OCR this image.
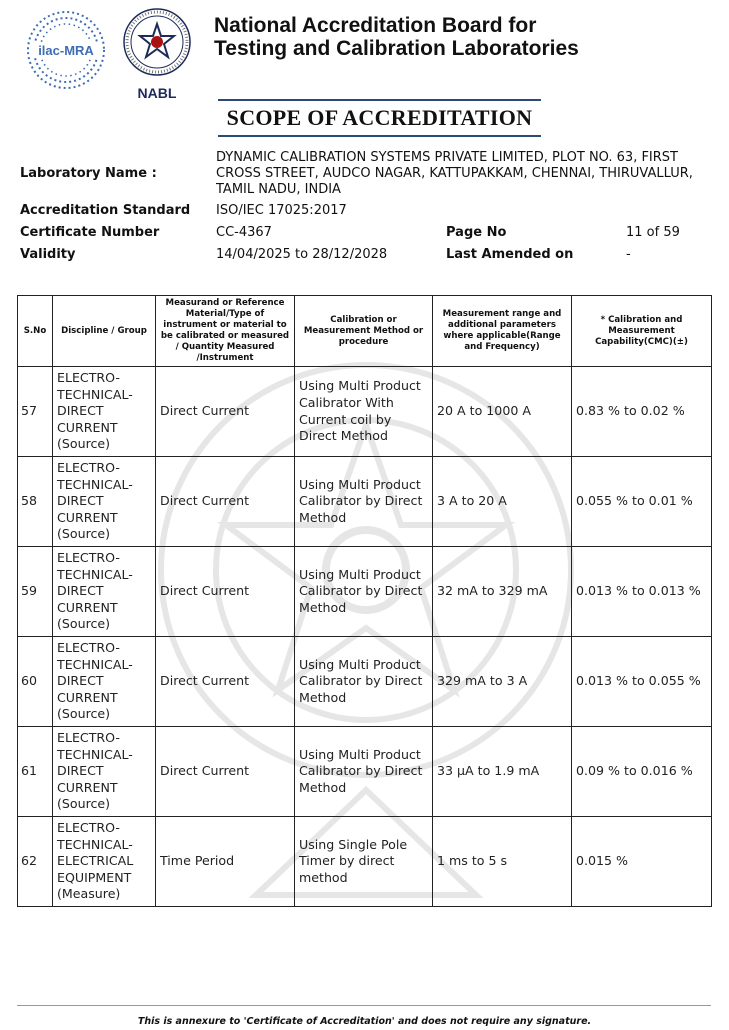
ilac-MRA
NABL
National Accreditation Board for
Testing and Calibration Laboratories
SCOPE OF ACCREDITATION
Laboratory Name :
DYNAMIC CALIBRATION SYSTEMS PRIVATE LIMITED, PLOT NO. 63, FIRST CROSS STREET, AUDCO NAGAR, KATTUPAKKAM, CHENNAI, THIRUVALLUR, TAMIL NADU, INDIA
Accreditation Standard ISO/IEC 17025:2017
Certificate Number	CC-4367	Page No	11 of 59
Validity	14/04/2025 to 28/12/2028	Last Amended on	-
S.No	Discipline / Group	Measurand or Reference Material/Type of instrument or material to be calibrated or measured / Quantity Measured /Instrument	Calibration or Measurement Method or procedure	Measurement range and additional parameters where applicable(Range and Frequency)	* Calibration and Measurement Capability(CMC)(±)
57	ELECTRO-TECHNICAL-DIRECT CURRENT (Source)	Direct Current	Using Multi Product Calibrator With Current coil by Direct Method	20 A to 1000 A	0.83 % to 0.02 %
58	ELECTRO-TECHNICAL-DIRECT CURRENT (Source)	Direct Current	Using Multi Product Calibrator by Direct Method	3 A to 20 A	0.055 % to 0.01 %
59	ELECTRO-TECHNICAL-DIRECT CURRENT (Source)	Direct Current	Using Multi Product Calibrator by Direct Method	32 mA to 329 mA	0.013 % to 0.013 %
60	ELECTRO-TECHNICAL-DIRECT CURRENT (Source)	Direct Current	Using Multi Product Calibrator by Direct Method	329 mA to 3 A	0.013 % to 0.055 %
61	ELECTRO-TECHNICAL-DIRECT CURRENT (Source)	Direct Current	Using Multi Product Calibrator by Direct Method	33 µA to 1.9 mA	0.09 % to 0.016 %
62	ELECTRO-TECHNICAL-ELECTRICAL EQUIPMENT (Measure)	Time Period	Using Single Pole Timer by direct method	1 ms to 5 s	0.015 %
This is annexure to 'Certificate of Accreditation' and does not require any signature.
